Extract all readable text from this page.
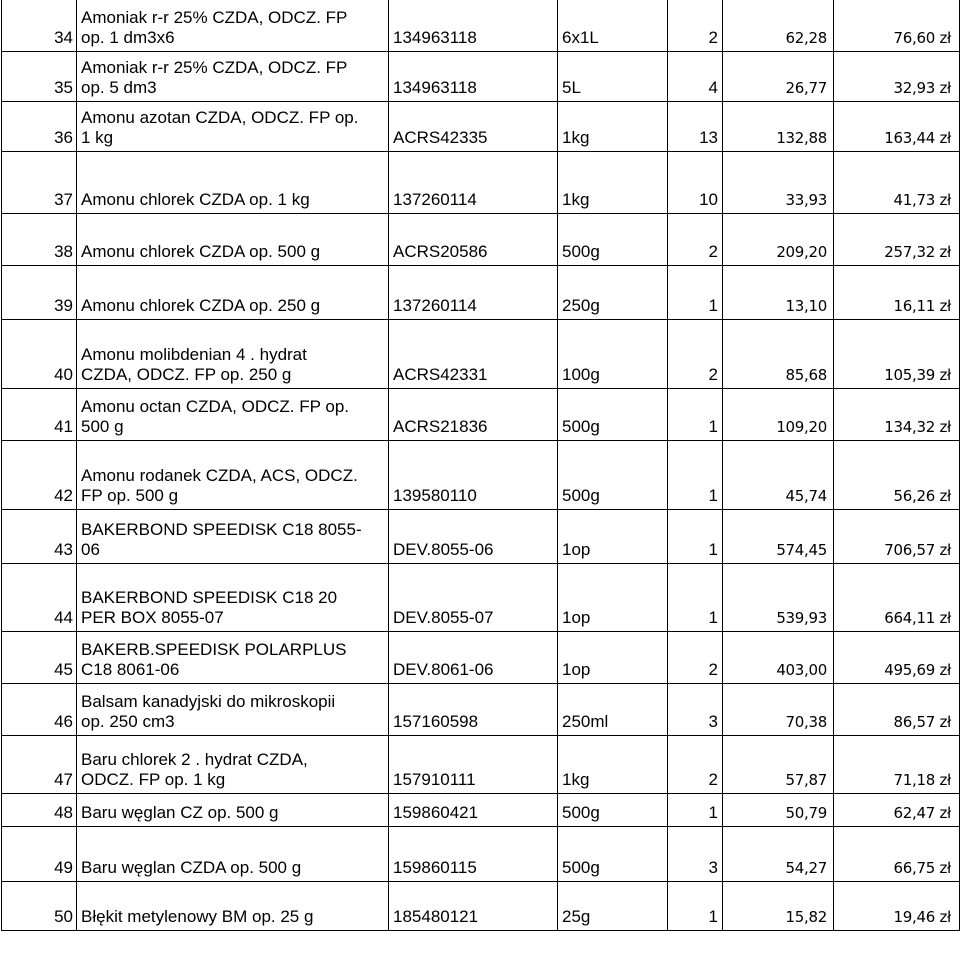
34	Amoniak r-r 25% CZDA, ODCZ. FP
op. 1 dm3x6	134963118	6x1L	2	62,28	76,60 zł
35	Amoniak r-r 25% CZDA, ODCZ. FP
op. 5 dm3	134963118	5L	4	26,77	32,93 zł
36	Amonu azotan CZDA, ODCZ. FP op.
1 kg	ACRS42335	1kg	13	132,88	163,44 zł
37	Amonu chlorek CZDA op. 1 kg	137260114	1kg	10	33,93	41,73 zł
38	Amonu chlorek CZDA op. 500 g	ACRS20586	500g	2	209,20	257,32 zł
39	Amonu chlorek CZDA op. 250 g	137260114	250g	1	13,10	16,11 zł
40	Amonu molibdenian 4 . hydrat
CZDA, ODCZ. FP op. 250 g	ACRS42331	100g	2	85,68	105,39 zł
41	Amonu octan CZDA, ODCZ. FP op.
500 g	ACRS21836	500g	1	109,20	134,32 zł
42	Amonu rodanek CZDA, ACS, ODCZ.
FP op. 500 g	139580110	500g	1	45,74	56,26 zł
43	BAKERBOND SPEEDISK C18 8055-
06	DEV.8055-06	1op	1	574,45	706,57 zł
44	BAKERBOND SPEEDISK C18 20
PER BOX 8055-07	DEV.8055-07	1op	1	539,93	664,11 zł
45	BAKERB.SPEEDISK POLARPLUS
C18 8061-06	DEV.8061-06	1op	2	403,00	495,69 zł
46	Balsam kanadyjski do mikroskopii
op. 250 cm3	157160598	250ml	3	70,38	86,57 zł
47	Baru chlorek 2 . hydrat CZDA,
ODCZ. FP op. 1 kg	157910111	1kg	2	57,87	71,18 zł
48	Baru węglan CZ op. 500 g	159860421	500g	1	50,79	62,47 zł
49	Baru węglan CZDA op. 500 g	159860115	500g	3	54,27	66,75 zł
50	Błękit metylenowy BM op. 25 g	185480121	25g	1	15,82	19,46 zł
